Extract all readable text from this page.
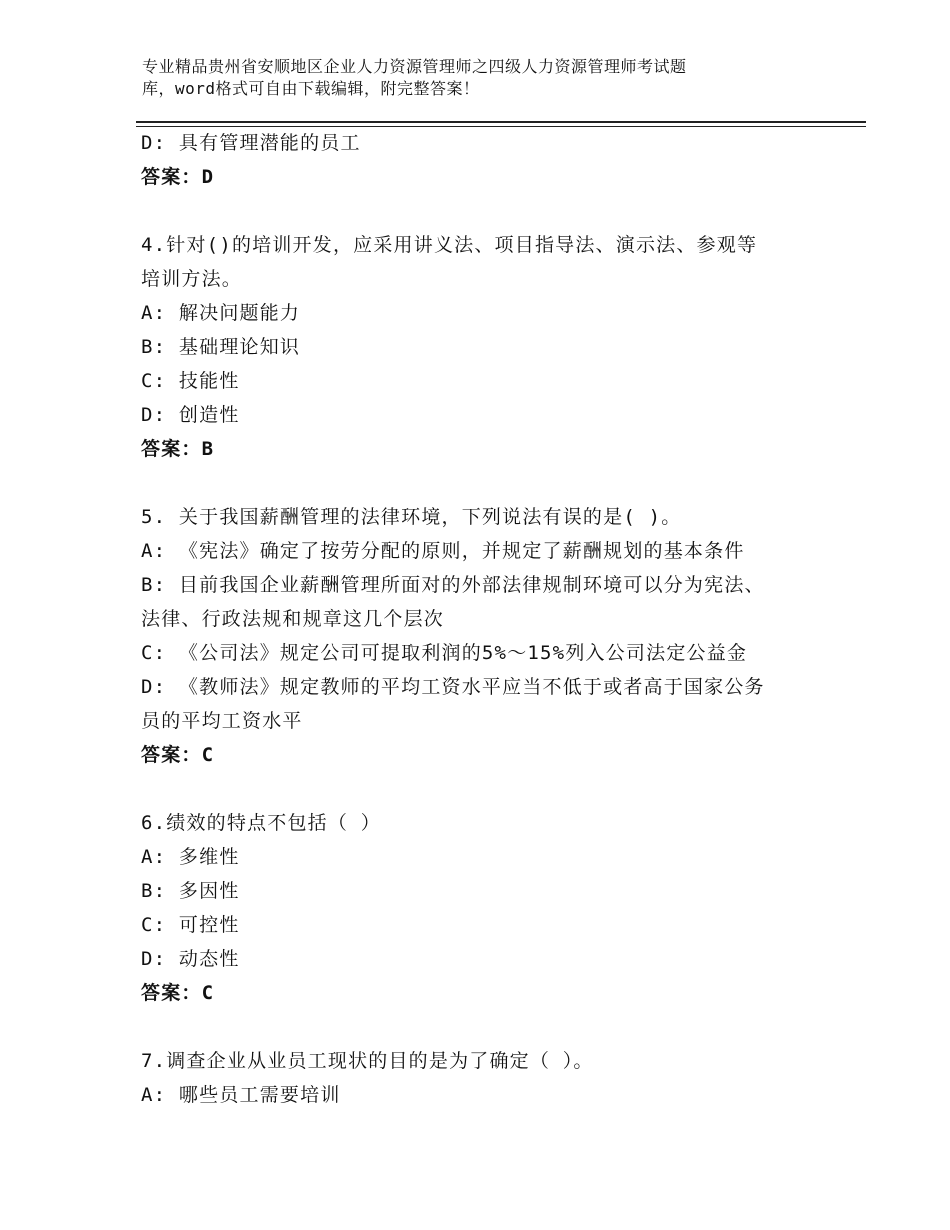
专业精品贵州省安顺地区企业人力资源管理师之四级人力资源管理师考试题
库，word格式可自由下载编辑，附完整答案！
D: 具有管理潜能的员工
答案：D
4.针对()的培训开发，应采用讲义法、项目指导法、演示法、参观等
培训方法。
A: 解决问题能力
B: 基础理论知识
C: 技能性
D: 创造性
答案：B
5. 关于我国薪酬管理的法律环境，下列说法有误的是( )。
A: 《宪法》确定了按劳分配的原则，并规定了薪酬规划的基本条件
B: 目前我国企业薪酬管理所面对的外部法律规制环境可以分为宪法、
法律、行政法规和规章这几个层次
C: 《公司法》规定公司可提取利润的5%～15%列入公司法定公益金
D: 《教师法》规定教师的平均工资水平应当不低于或者高于国家公务
员的平均工资水平
答案：C
6.绩效的特点不包括（ ）
A: 多维性
B: 多因性
C: 可控性
D: 动态性
答案：C
7.调查企业从业员工现状的目的是为了确定（ ）。
A: 哪些员工需要培训
